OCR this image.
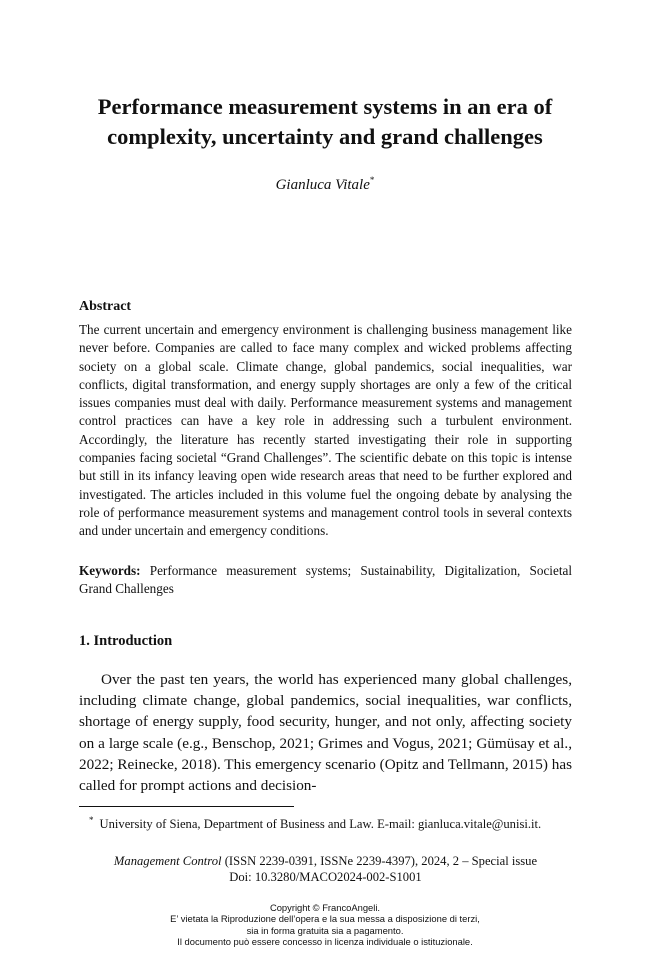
Performance measurement systems in an era of complexity, uncertainty and grand challenges
Gianluca Vitale*
Abstract

The current uncertain and emergency environment is challenging business management like never before. Companies are called to face many complex and wicked problems affecting society on a global scale. Climate change, global pandemics, social inequalities, war conflicts, digital transformation, and energy supply shortages are only a few of the critical issues companies must deal with daily. Performance measurement systems and management control practices can have a key role in addressing such a turbulent environment. Accordingly, the literature has recently started investigating their role in supporting companies facing societal “Grand Challenges”. The scientific debate on this topic is intense but still in its infancy leaving open wide research areas that need to be further explored and investigated. The articles included in this volume fuel the ongoing debate by analysing the role of performance measurement systems and management control tools in several contexts and under uncertain and emergency conditions.

Keywords: Performance measurement systems; Sustainability, Digitalization, Societal Grand Challenges

1. Introduction

Over the past ten years, the world has experienced many global challenges, including climate change, global pandemics, social inequalities, war conflicts, shortage of energy supply, food security, hunger, and not only, affecting society on a large scale (e.g., Benschop, 2021; Grimes and Vogus, 2021; Gümüsay et al., 2022; Reinecke, 2018). This emergency scenario (Opitz and Tellmann, 2015) has called for prompt actions and decision-

* University of Siena, Department of Business and Law. E-mail: gianluca.vitale@unisi.it.

Management Control (ISSN 2239-0391, ISSNe 2239-4397), 2024, 2 – Special issue
Doi: 10.3280/MACO2024-002-S1001
Copyright © FrancoAngeli.
E’ vietata la Riproduzione dell’opera e la sua messa a disposizione di terzi,
sia in forma gratuita sia a pagamento.
Il documento può essere concesso in licenza individuale o istituzionale.
